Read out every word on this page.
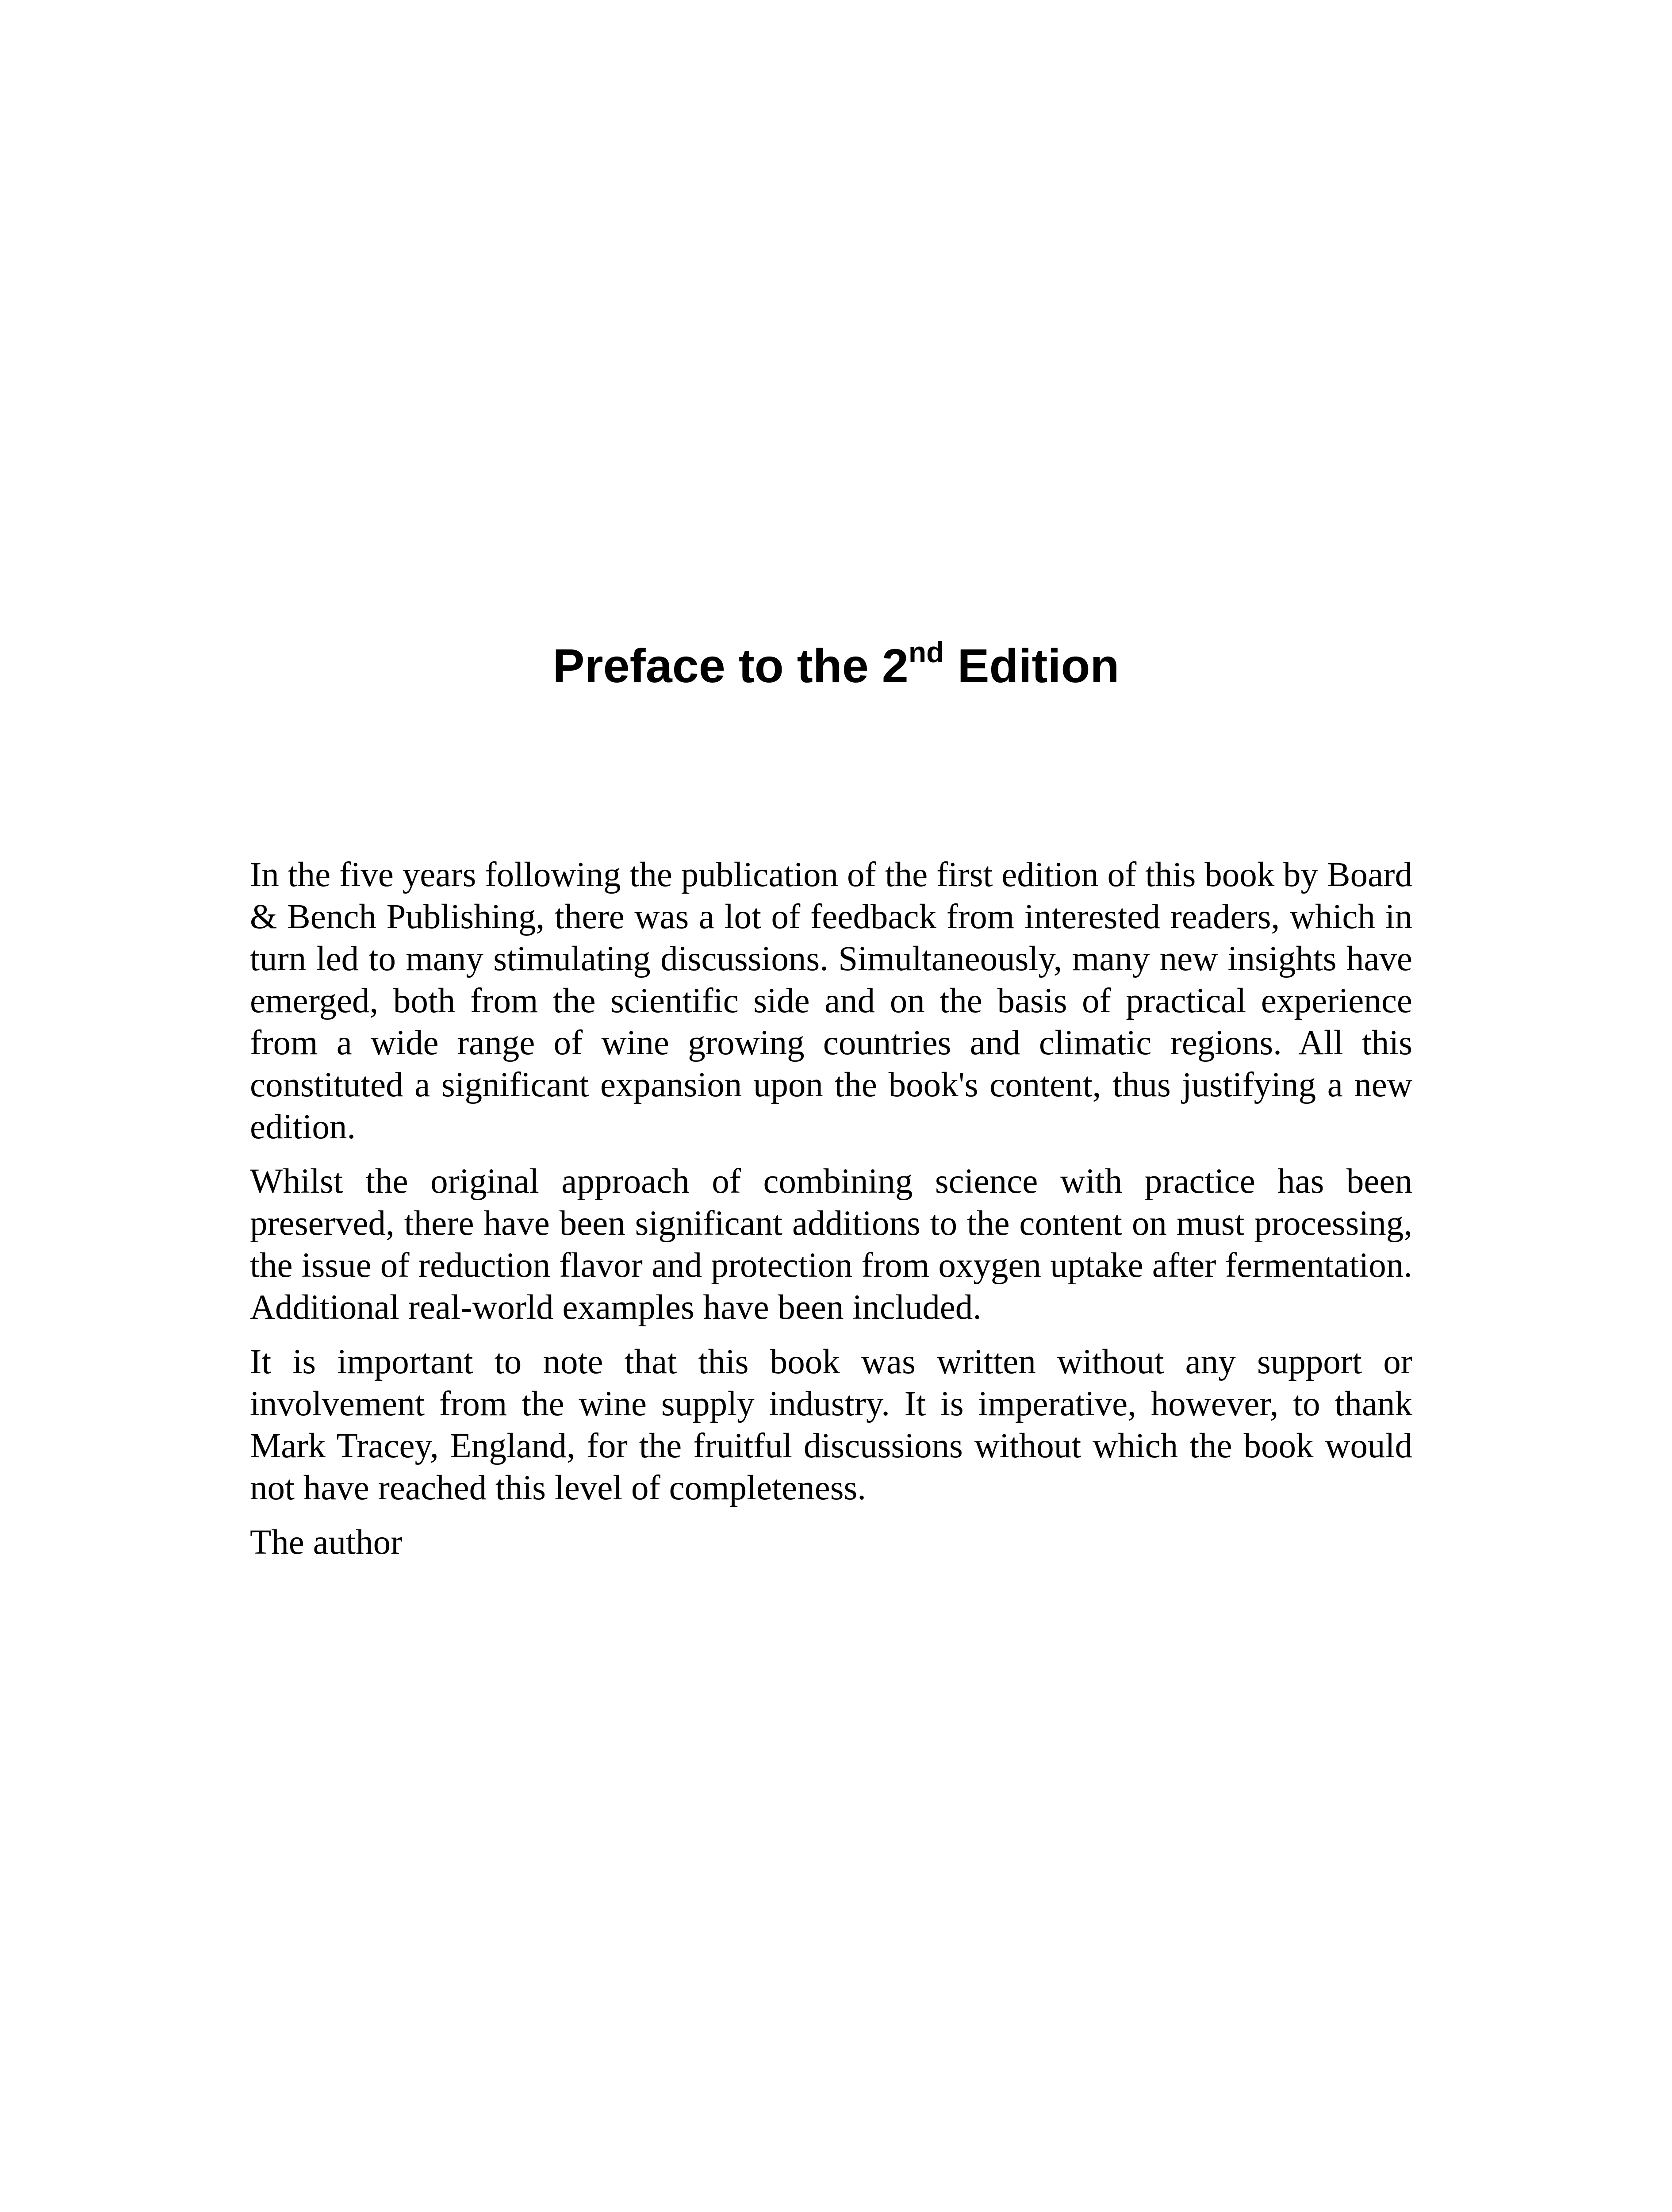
Preface to the 2nd Edition

In the five years following the publication of the first edition of this book by Board & Bench Publishing, there was a lot of feedback from interested readers, which in turn led to many stimulating discussions. Simultaneously, many new insights have emerged, both from the scientific side and on the basis of practical experience from a wide range of wine growing countries and climatic regions. All this constituted a significant expansion upon the book's content, thus justifying a new edition.

Whilst the original approach of combining science with practice has been preserved, there have been significant additions to the content on must processing, the issue of reduction flavor and protection from oxygen uptake after fermentation. Additional real-world examples have been included.

It is important to note that this book was written without any support or involvement from the wine supply industry. It is imperative, however, to thank Mark Tracey, England, for the fruitful discussions without which the book would not have reached this level of completeness.

The author
